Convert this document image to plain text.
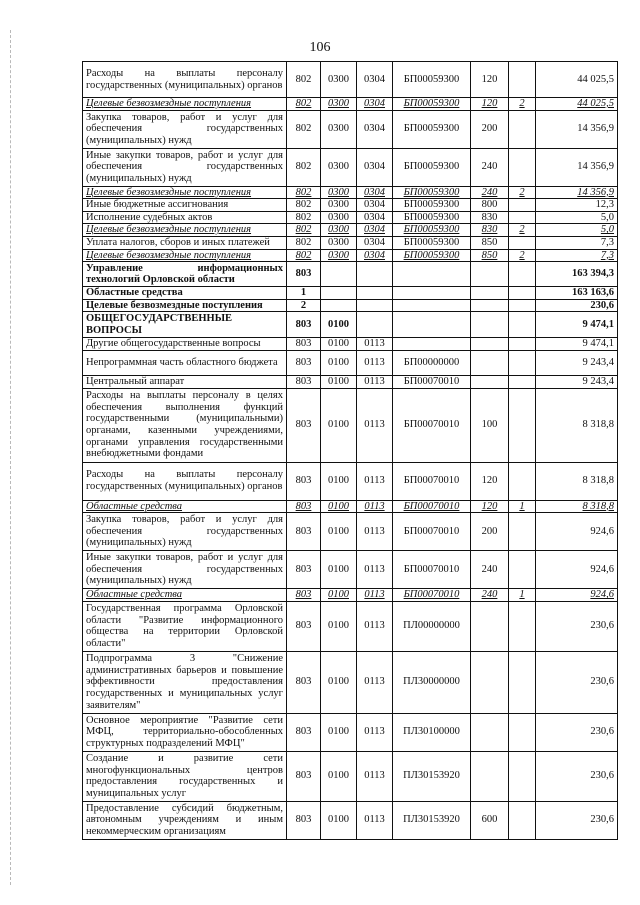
106
Расходы на выплаты персоналу государственных (муниципальных) органов	802	0300	0304	БП00059300	120		44 025,5
Целевые безвозмездные поступления	802	0300	0304	БП00059300	120	2	44 025,5
Закупка товаров, работ и услуг для обеспечения государственных (муниципальных) нужд	802	0300	0304	БП00059300	200		14 356,9
Иные закупки товаров, работ и услуг для обеспечения государственных (муниципальных) нужд	802	0300	0304	БП00059300	240		14 356,9
Целевые безвозмездные поступления	802	0300	0304	БП00059300	240	2	14 356,9
Иные бюджетные ассигнования	802	0300	0304	БП00059300	800		12,3
Исполнение судебных актов	802	0300	0304	БП00059300	830		5,0
Целевые безвозмездные поступления	802	0300	0304	БП00059300	830	2	5,0
Уплата налогов, сборов и иных платежей	802	0300	0304	БП00059300	850		7,3
Целевые безвозмездные поступления	802	0300	0304	БП00059300	850	2	7,3
Управление информационных технологий Орловской области	803						163 394,3
Областные средства	1						163 163,6
Целевые безвозмездные поступления	2						230,6
ОБЩЕГОСУДАРСТВЕННЫЕ ВОПРОСЫ	803	0100					9 474,1
Другие общегосударственные вопросы	803	0100	0113				9 474,1
Непрограммная часть областного бюджета	803	0100	0113	БП00000000			9 243,4
Центральный аппарат	803	0100	0113	БП00070010			9 243,4
Расходы на выплаты персоналу в целях обеспечения выполнения функций государственными (муниципальными) органами, казенными учреждениями, органами управления государственными внебюджетными фондами	803	0100	0113	БП00070010	100		8 318,8
Расходы на выплаты персоналу государственных (муниципальных) органов	803	0100	0113	БП00070010	120		8 318,8
Областные средства	803	0100	0113	БП00070010	120	1	8 318,8
Закупка товаров, работ и услуг для обеспечения государственных (муниципальных) нужд	803	0100	0113	БП00070010	200		924,6
Иные закупки товаров, работ и услуг для обеспечения государственных (муниципальных) нужд	803	0100	0113	БП00070010	240		924,6
Областные средства	803	0100	0113	БП00070010	240	1	924,6
Государственная программа Орловской области "Развитие информационного общества на территории Орловской области"	803	0100	0113	ПЛ00000000			230,6
Подпрограмма 3 "Снижение административных барьеров и повышение эффективности предоставления государственных и муниципальных услуг заявителям"	803	0100	0113	ПЛ30000000			230,6
Основное мероприятие "Развитие сети МФЦ, территориально-обособленных структурных подразделений МФЦ"	803	0100	0113	ПЛ30100000			230,6
Создание и развитие сети многофункциональных центров предоставления государственных и муниципальных услуг	803	0100	0113	ПЛ30153920			230,6
Предоставление субсидий бюджетным, автономным учреждениям и иным некоммерческим организациям	803	0100	0113	ПЛ30153920	600		230,6
